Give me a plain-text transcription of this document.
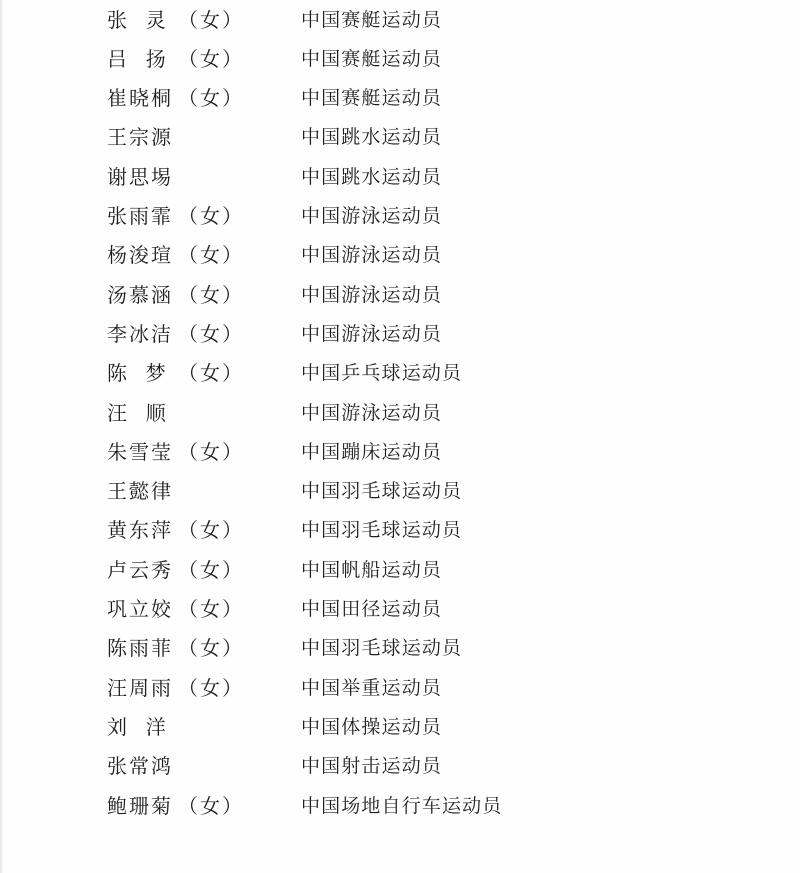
张  灵 （女）	中国赛艇运动员
吕  扬 （女）	中国赛艇运动员
崔晓桐 （女）	中国赛艇运动员
王宗源	中国跳水运动员
谢思埸	中国跳水运动员
张雨霏 （女）	中国游泳运动员
杨浚瑄 （女）	中国游泳运动员
汤慕涵 （女）	中国游泳运动员
李冰洁 （女）	中国游泳运动员
陈  梦 （女）	中国乒乓球运动员
汪  顺	中国游泳运动员
朱雪莹 （女）	中国蹦床运动员
王懿律	中国羽毛球运动员
黄东萍 （女）	中国羽毛球运动员
卢云秀 （女）	中国帆船运动员
巩立姣 （女）	中国田径运动员
陈雨菲 （女）	中国羽毛球运动员
汪周雨 （女）	中国举重运动员
刘  洋	中国体操运动员
张常鸿	中国射击运动员
鲍珊菊 （女）	中国场地自行车运动员
